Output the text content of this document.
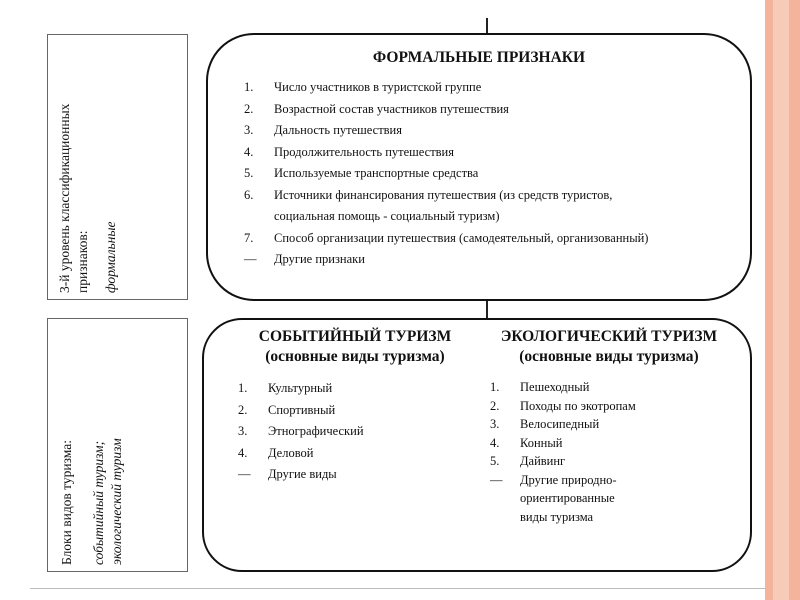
3-й уровень классификационных признаков: формальные
Блоки видов туризма: событийный туризм; экологический туризм
ФОРМАЛЬНЫЕ ПРИЗНАКИ
1. Число участников в туристской группе
2. Возрастной состав участников путешествия
3. Дальность путешествия
4. Продолжительность путешествия
5. Используемые транспортные средства
6. Источники финансирования путешествия (из средств туристов,
социальная помощь - социальный туризм)
7. Способ организации путешествия (самодеятельный, организованный)
— Другие признаки
СОБЫТИЙНЫЙ ТУРИЗМ
(основные виды туризма)
1. Культурный
2. Спортивный
3. Этнографический
4. Деловой
— Другие виды
ЭКОЛОГИЧЕСКИЙ ТУРИЗМ
(основные виды туризма)
1. Пешеходный
2. Походы по экотропам
3. Велосипедный
4. Конный
5. Дайвинг
— Другие природно-
ориентированные
виды туризма
